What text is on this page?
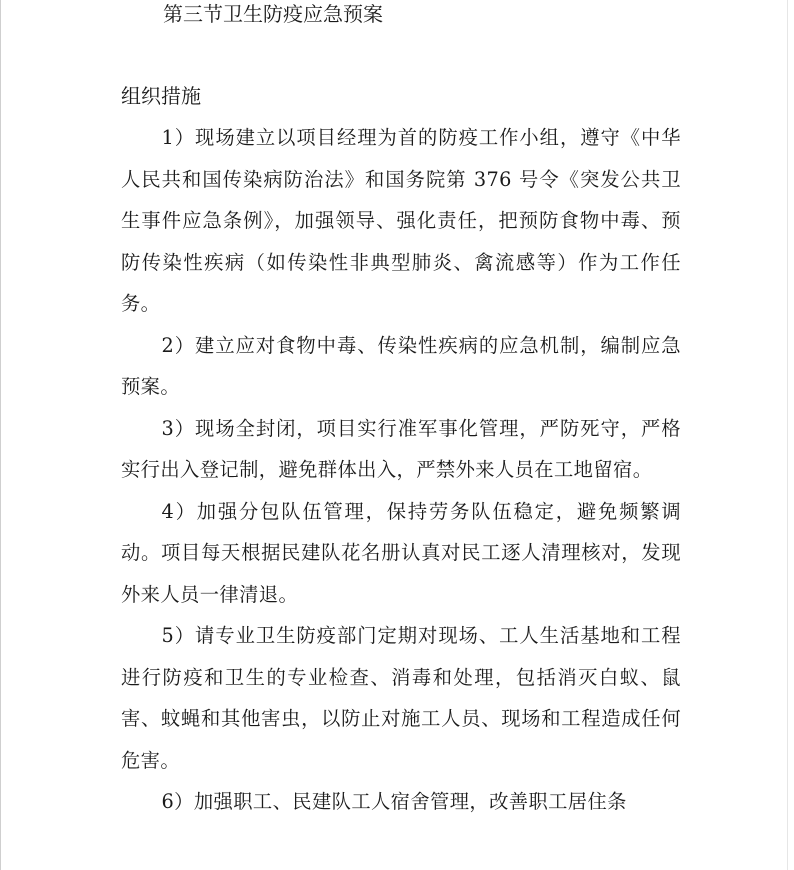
第三节卫生防疫应急预案
组织措施

1）现场建立以项目经理为首的防疫工作小组，遵守《中华人民共和国传染病防治法》和国务院第 376 号令《突发公共卫生事件应急条例》，加强领导、强化责任，把预防食物中毒、预防传染性疾病（如传染性非典型肺炎、禽流感等）作为工作任务。

2）建立应对食物中毒、传染性疾病的应急机制，编制应急预案。

3）现场全封闭，项目实行准军事化管理，严防死守，严格实行出入登记制，避免群体出入，严禁外来人员在工地留宿。

4）加强分包队伍管理，保持劳务队伍稳定，避免频繁调动。项目每天根据民建队花名册认真对民工逐人清理核对，发现外来人员一律清退。

5）请专业卫生防疫部门定期对现场、工人生活基地和工程进行防疫和卫生的专业检查、消毒和处理，包括消灭白蚁、鼠害、蚊蝇和其他害虫，以防止对施工人员、现场和工程造成任何危害。

6）加强职工、民建队工人宿舍管理，改善职工居住条
